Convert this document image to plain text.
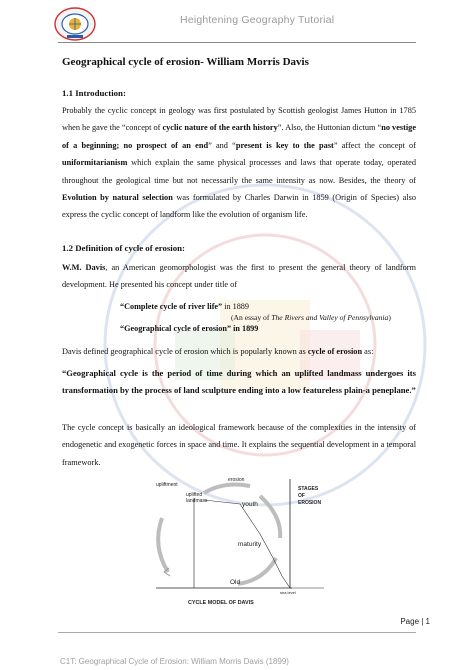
Heightening Geography Tutorial
Geographical cycle of erosion- William Morris Davis
1.1 Introduction:
Probably the cyclic concept in geology was first postulated by Scottish geologist James Hutton in 1785 when he gave the “concept of cyclic nature of the earth history”. Also, the Huttonian dictum “no vestige of a beginning; no prospect of an end” and “present is key to the past” affect the concept of uniformitarianism which explain the same physical processes and laws that operate today, operated throughout the geological time but not necessarily the same intensity as now. Besides, the theory of Evolution by natural selection was formulated by Charles Darwin in 1859 (Origin of Species) also express the cyclic concept of landform like the evolution of organism life.
1.2 Definition of cycle of erosion:
W.M. Davis, an American geomorphologist was the first to present the general theory of landform development. He presented his concept under title of
“Complete cycle of river life” in 1889
(An essay of The Rivers and Valley of Pennsylvania)
“Geographical cycle of erosion” in 1899
Davis defined geographical cycle of erosion which is popularly known as cycle of erosion as:
“Geographical cycle is the period of time during which an uplifted landmass undergoes its transformation by the process of land sculpture ending into a low featureless plain-a peneplane.”
The cycle concept is basically an ideological framework because of the complexities in the intensity of endogenetic and exogenetic forces in space and time. It explains the sequential development in a temporal framework.
upliftment
uplifted
landmass
erosion
youth
maturity
Old
sea level
STAGES
OF
EROSION
CYCLE MODEL OF DAVIS
Page | 1
C1T: Geographical Cycle of Erosion: William Morris Davis (1899)
